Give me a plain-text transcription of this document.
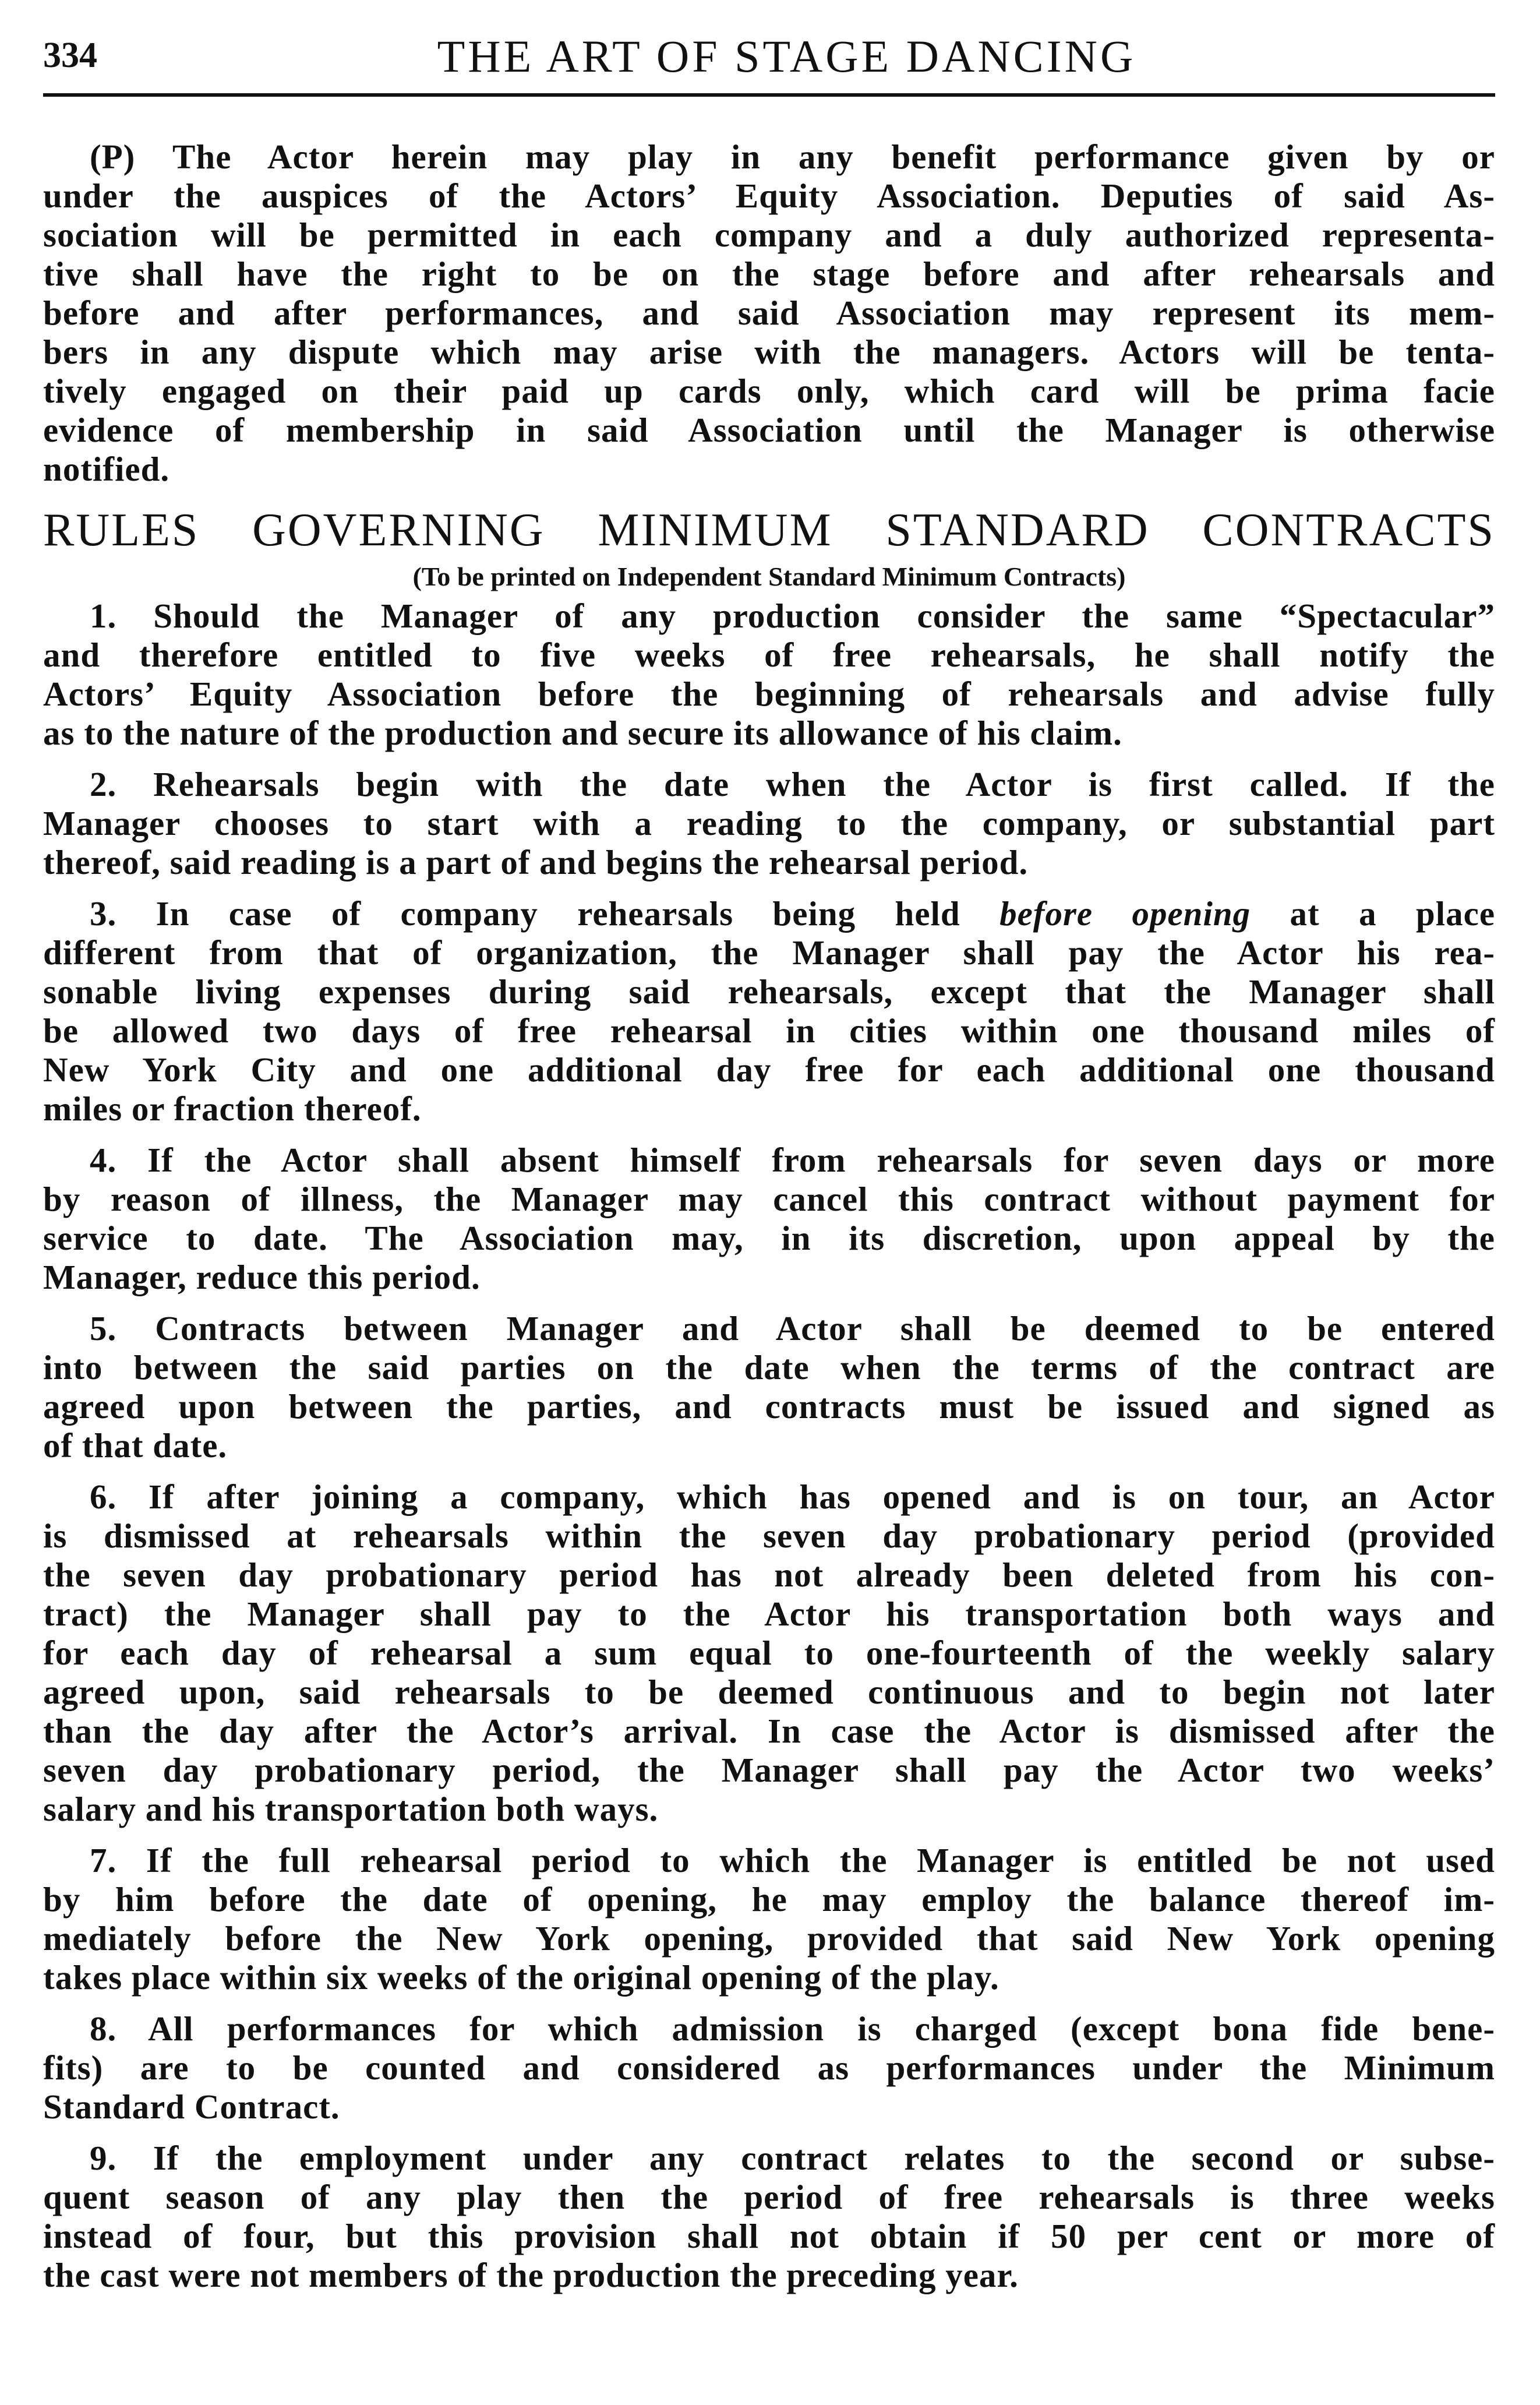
334	THE ART OF STAGE DANCING
(P) The Actor herein may play in any benefit performance given by or
under the auspices of the Actors’ Equity Association. Deputies of said As-
sociation will be permitted in each company and a duly authorized representa-
tive shall have the right to be on the stage before and after rehearsals and
before and after performances, and said Association may represent its mem-
bers in any dispute which may arise with the managers. Actors will be tenta-
tively engaged on their paid up cards only, which card will be prima facie
evidence of membership in said Association until the Manager is otherwise
notified.
RULES GOVERNING MINIMUM STANDARD CONTRACTS
(To be printed on Independent Standard Minimum Contracts)
1. Should the Manager of any production consider the same “Spectacular”
and therefore entitled to five weeks of free rehearsals, he shall notify the
Actors’ Equity Association before the beginning of rehearsals and advise fully
as to the nature of the production and secure its allowance of his claim.
2. Rehearsals begin with the date when the Actor is first called. If the
Manager chooses to start with a reading to the company, or substantial part
thereof, said reading is a part of and begins the rehearsal period.
3. In case of company rehearsals being held before opening at a place
different from that of organization, the Manager shall pay the Actor his rea-
sonable living expenses during said rehearsals, except that the Manager shall
be allowed two days of free rehearsal in cities within one thousand miles of
New York City and one additional day free for each additional one thousand
miles or fraction thereof.
4. If the Actor shall absent himself from rehearsals for seven days or more
by reason of illness, the Manager may cancel this contract without payment for
service to date. The Association may, in its discretion, upon appeal by the
Manager, reduce this period.
5. Contracts between Manager and Actor shall be deemed to be entered
into between the said parties on the date when the terms of the contract are
agreed upon between the parties, and contracts must be issued and signed as
of that date.
6. If after joining a company, which has opened and is on tour, an Actor
is dismissed at rehearsals within the seven day probationary period (provided
the seven day probationary period has not already been deleted from his con-
tract) the Manager shall pay to the Actor his transportation both ways and
for each day of rehearsal a sum equal to one-fourteenth of the weekly salary
agreed upon, said rehearsals to be deemed continuous and to begin not later
than the day after the Actor’s arrival. In case the Actor is dismissed after the
seven day probationary period, the Manager shall pay the Actor two weeks’
salary and his transportation both ways.
7. If the full rehearsal period to which the Manager is entitled be not used
by him before the date of opening, he may employ the balance thereof im-
mediately before the New York opening, provided that said New York opening
takes place within six weeks of the original opening of the play.
8. All performances for which admission is charged (except bona fide bene-
fits) are to be counted and considered as performances under the Minimum
Standard Contract.
9. If the employment under any contract relates to the second or subse-
quent season of any play then the period of free rehearsals is three weeks
instead of four, but this provision shall not obtain if 50 per cent or more of
the cast were not members of the production the preceding year.
